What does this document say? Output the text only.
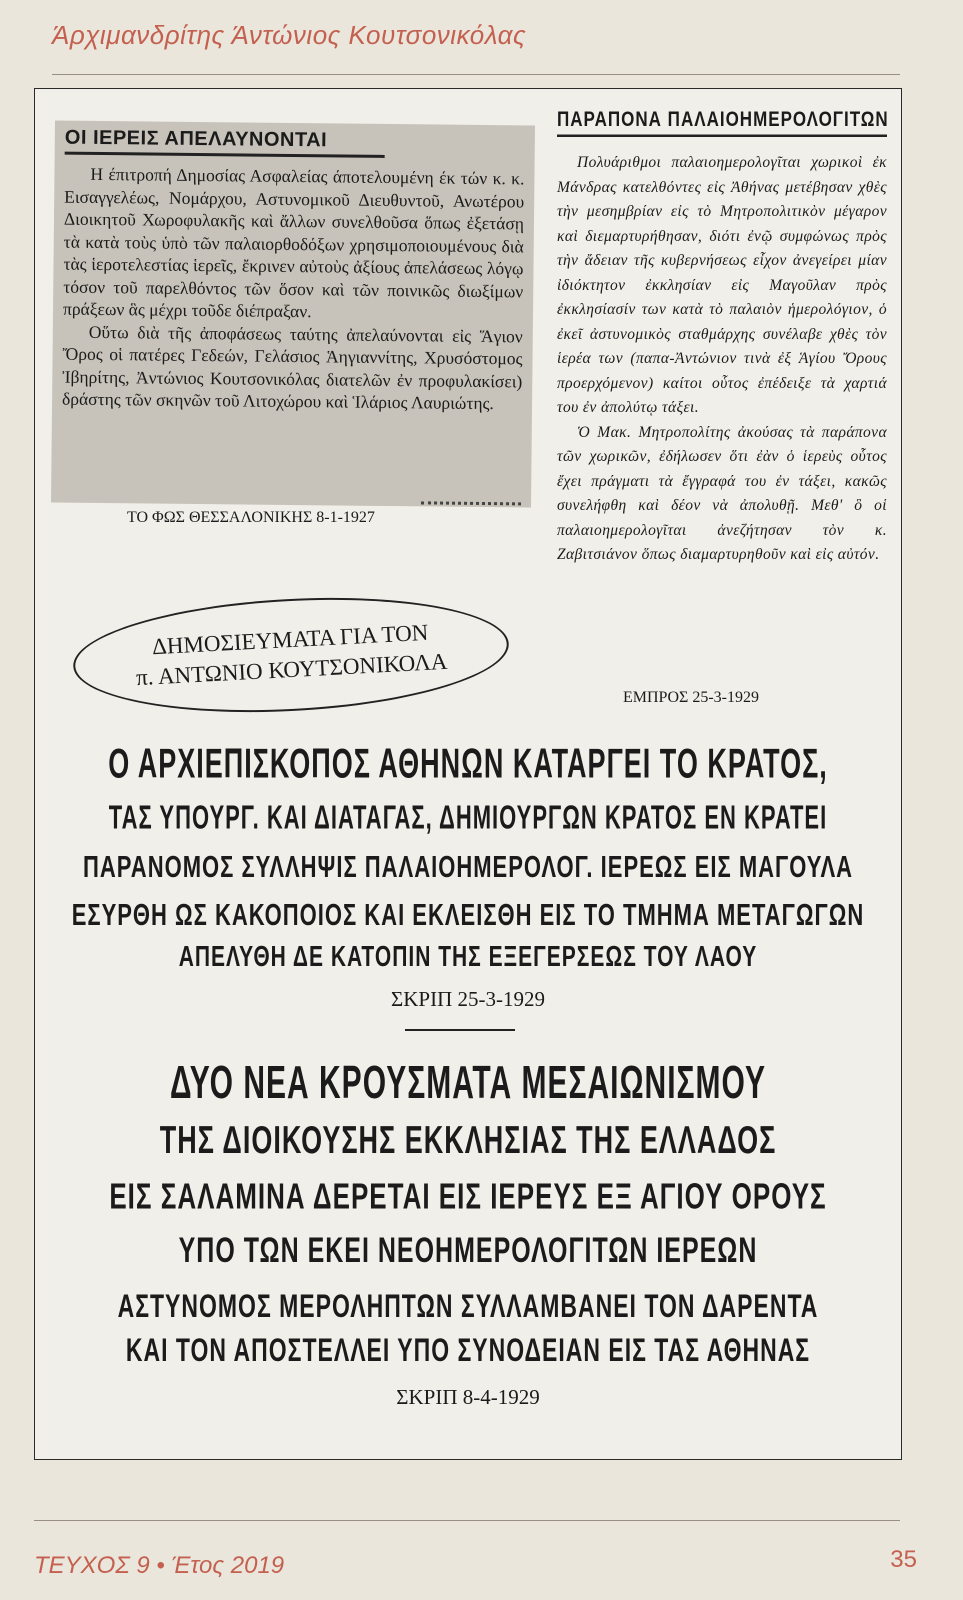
Άρχιμανδρίτης Άντώνιος Κουτσονικόλας
ΟΙ ΙΕΡΕΙΣ ΑΠΕΛΑΥΝΟΝΤΑΙ

Η έπιτροπή Δημοσίας Ασφαλείας άποτελουμένη έκ τών κ. κ. Εισαγγελέως, Νομάρχου, Αστυνομικοῦ Διευθυντοῦ, Ανωτέρου Διοικητοῦ Χωροφυλακῆς καὶ ἄλλων συνελθοῦσα ὅπως ἐξετάσῃ τὰ κατὰ τοὺς ὑπὸ τῶν παλαιορθοδόξων χρησιμοποιουμένους διὰ τὰς ἱεροτελεστίας ἱερεῖς, ἔκρινεν αὐτοὺς ἀξίους ἀπελάσεως λόγῳ τόσον τοῦ παρελθόντος τῶν ὅσον καὶ τῶν ποινικῶς διωξίμων πράξεων ἃς μέχρι τοῦδε διέπραξαν.

Οὕτω διὰ τῆς ἀποφάσεως ταύτης ἀπελαύνονται εἰς Ἅγιον Ὄρος οἱ πατέρες Γεδεών, Γελάσιος Ἁηγιαννίτης, Χρυσόστομος Ἰβηρίτης, Ἀντώνιος Κουτσονικόλας διατελῶν ἐν προφυλακίσει) δράστης τῶν σκηνῶν τοῦ Λιτοχώρου καὶ Ἱλάριος Λαυριώτης.

ΤΟ ΦΩΣ ΘΕΣΣΑΛΟΝΙΚΗΣ 8-1-1927
ΔΗΜΟΣΙΕΥΜΑΤΑ ΓΙΑ ΤΟΝ
π. ΑΝΤΩΝΙΟ ΚΟΥΤΣΟΝΙΚΟΛΑ
ΠΑΡΑΠΟΝΑ ΠΑΛΑΙΟΗΜΕΡΟΛΟΓΙΤΩΝ

Πολυάριθμοι παλαιοημερολογῖται χωρικοὶ ἐκ Μάνδρας κατελθόντες εἰς Ἀθήνας μετέβησαν χθὲς τὴν μεσημβρίαν εἰς τὸ Μητροπολιτικὸν μέγαρον καὶ διεμαρτυρήθησαν, διότι ἐνῷ συμφώνως πρὸς τὴν ἄδειαν τῆς κυβερνήσεως εἶχον ἀνεγείρει μίαν ἰδιόκτητον ἐκκλησίαν εἰς Μαγοῦλαν πρὸς ἐκκλησίασίν των κατὰ τὸ παλαιὸν ἡμερολόγιον, ὁ ἐκεῖ ἀστυνομικὸς σταθμάρχης συνέλαβε χθὲς τὸν ἱερέα των (παπα-Ἀντώνιον τινὰ ἐξ Ἁγίου Ὄρους προερχόμενον) καίτοι οὗτος ἐπέδειξε τὰ χαρτιά του ἐν ἀπολύτῳ τάξει.

Ὁ Μακ. Μητροπολίτης ἀκούσας τὰ παράπονα τῶν χωρικῶν, ἐδήλωσεν ὅτι ἐὰν ὁ ἱερεὺς οὗτος ἔχει πράγματι τὰ ἔγγραφά του ἐν τάξει, κακῶς συνελήφθη καὶ δέον νὰ ἀπολυθῇ. Μεθ' ὃ οἱ παλαιοημερολογῖται ἀνεζήτησαν τὸν κ. Ζαβιτσιάνον ὅπως διαμαρτυρηθοῦν καὶ εἰς αὐτόν.

ΕΜΠΡΟΣ 25-3-1929
Ο ΑΡΧΙΕΠΙΣΚΟΠΟΣ ΑΘΗΝΩΝ ΚΑΤΑΡΓΕΙ ΤΟ ΚΡΑΤΟΣ,
ΤΑΣ ΥΠΟΥΡΓ. ΚΑΙ ΔΙΑΤΑΓΑΣ, ΔΗΜΙΟΥΡΓΩΝ ΚΡΑΤΟΣ ΕΝ ΚΡΑΤΕΙ
ΠΑΡΑΝΟΜΟΣ ΣΥΛΛΗΨΙΣ ΠΑΛΑΙΟΗΜΕΡΟΛΟΓ. ΙΕΡΕΩΣ ΕΙΣ ΜΑΓΟΥΛΑ
ΕΣΥΡΘΗ ΩΣ ΚΑΚΟΠΟΙΟΣ ΚΑΙ ΕΚΛΕΙΣΘΗ ΕΙΣ ΤΟ ΤΜΗΜΑ ΜΕΤΑΓΩΓΩΝ
ΑΠΕΛΥΘΗ ΔΕ ΚΑΤΟΠΙΝ ΤΗΣ ΕΞΕΓΕΡΣΕΩΣ ΤΟΥ ΛΑΟΥ
ΣΚΡΙΠ 25-3-1929
ΔΥΟ ΝΕΑ ΚΡΟΥΣΜΑΤΑ ΜΕΣΑΙΩΝΙΣΜΟΥ
ΤΗΣ ΔΙΟΙΚΟΥΣΗΣ ΕΚΚΛΗΣΙΑΣ ΤΗΣ ΕΛΛΑΔΟΣ
ΕΙΣ ΣΑΛΑΜΙΝΑ ΔΕΡΕΤΑΙ ΕΙΣ ΙΕΡΕΥΣ ΕΞ ΑΓΙΟΥ ΟΡΟΥΣ
ΥΠΟ ΤΩΝ ΕΚΕΙ ΝΕΟΗΜΕΡΟΛΟΓΙΤΩΝ ΙΕΡΕΩΝ
ΑΣΤΥΝΟΜΟΣ ΜΕΡΟΛΗΠΤΩΝ ΣΥΛΛΑΜΒΑΝΕΙ ΤΟΝ ΔΑΡΕΝΤΑ
ΚΑΙ ΤΟΝ ΑΠΟΣΤΕΛΛΕΙ ΥΠΟ ΣΥΝΟΔΕΙΑΝ ΕΙΣ ΤΑΣ ΑΘΗΝΑΣ
ΣΚΡΙΠ 8-4-1929
ΤΕΥΧΟΣ 9 • Έτος 2019	35
